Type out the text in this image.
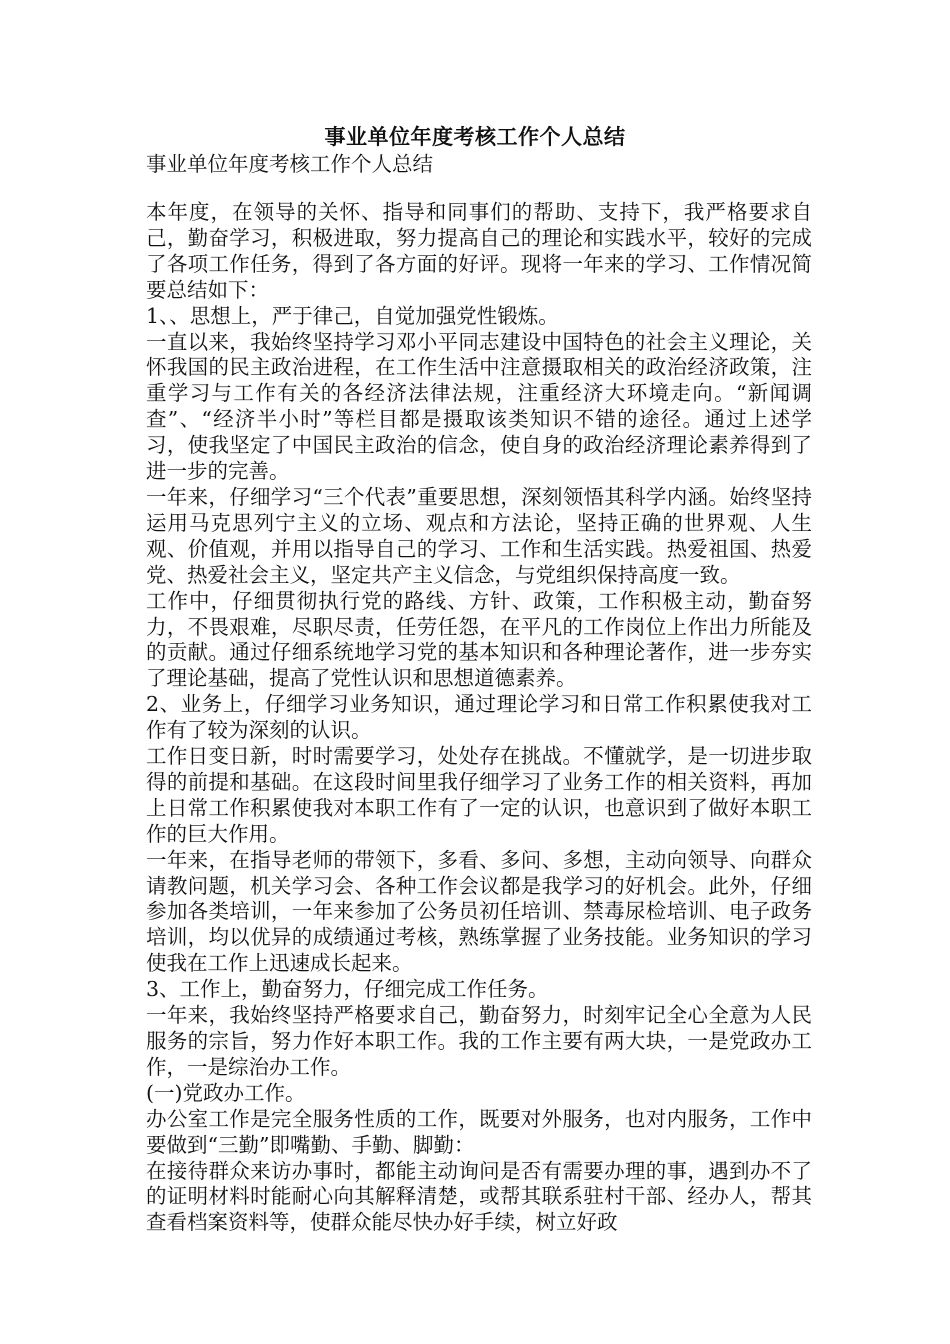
事业单位年度考核工作个人总结
事业单位年度考核工作个人总结

本年度，在领导的关怀、指导和同事们的帮助、支持下，我严格要求自己，勤奋学习，积极进取，努力提高自己的理论和实践水平，较好的完成了各项工作任务，得到了各方面的好评。现将一年来的学习、工作情况简要总结如下：

1、、思想上，严于律己，自觉加强党性锻炼。

一直以来，我始终坚持学习邓小平同志建设中国特色的社会主义理论，关怀我国的民主政治进程，在工作生活中注意摄取相关的政治经济政策，注重学习与工作有关的各经济法律法规，注重经济大环境走向。“新闻调查”、“经济半小时”等栏目都是摄取该类知识不错的途径。通过上述学习，使我坚定了中国民主政治的信念，使自身的政治经济理论素养得到了进一步的完善。

一年来，仔细学习“三个代表”重要思想，深刻领悟其科学内涵。始终坚持运用马克思列宁主义的立场、观点和方法论，坚持正确的世界观、人生观、价值观，并用以指导自己的学习、工作和生活实践。热爱祖国、热爱党、热爱社会主义，坚定共产主义信念，与党组织保持高度一致。

工作中，仔细贯彻执行党的路线、方针、政策，工作积极主动，勤奋努力，不畏艰难，尽职尽责，任劳任怨，在平凡的工作岗位上作出力所能及的贡献。通过仔细系统地学习党的基本知识和各种理论著作，进一步夯实了理论基础，提高了党性认识和思想道德素养。

2、业务上，仔细学习业务知识，通过理论学习和日常工作积累使我对工作有了较为深刻的认识。

工作日变日新，时时需要学习，处处存在挑战。不懂就学，是一切进步取得的前提和基础。在这段时间里我仔细学习了业务工作的相关资料，再加上日常工作积累使我对本职工作有了一定的认识，也意识到了做好本职工作的巨大作用。

一年来，在指导老师的带领下，多看、多问、多想，主动向领导、向群众请教问题，机关学习会、各种工作会议都是我学习的好机会。此外，仔细参加各类培训，一年来参加了公务员初任培训、禁毒尿检培训、电子政务培训，均以优异的成绩通过考核，熟练掌握了业务技能。业务知识的学习使我在工作上迅速成长起来。

3、工作上，勤奋努力，仔细完成工作任务。

一年来，我始终坚持严格要求自己，勤奋努力，时刻牢记全心全意为人民服务的宗旨，努力作好本职工作。我的工作主要有两大块，一是党政办工作，一是综治办工作。

(一)党政办工作。

办公室工作是完全服务性质的工作，既要对外服务，也对内服务，工作中要做到“三勤”即嘴勤、手勤、脚勤：

在接待群众来访办事时，都能主动询问是否有需要办理的事，遇到办不了的证明材料时能耐心向其解释清楚，或帮其联系驻村干部、经办人，帮其查看档案资料等，使群众能尽快办好手续，树立好政
